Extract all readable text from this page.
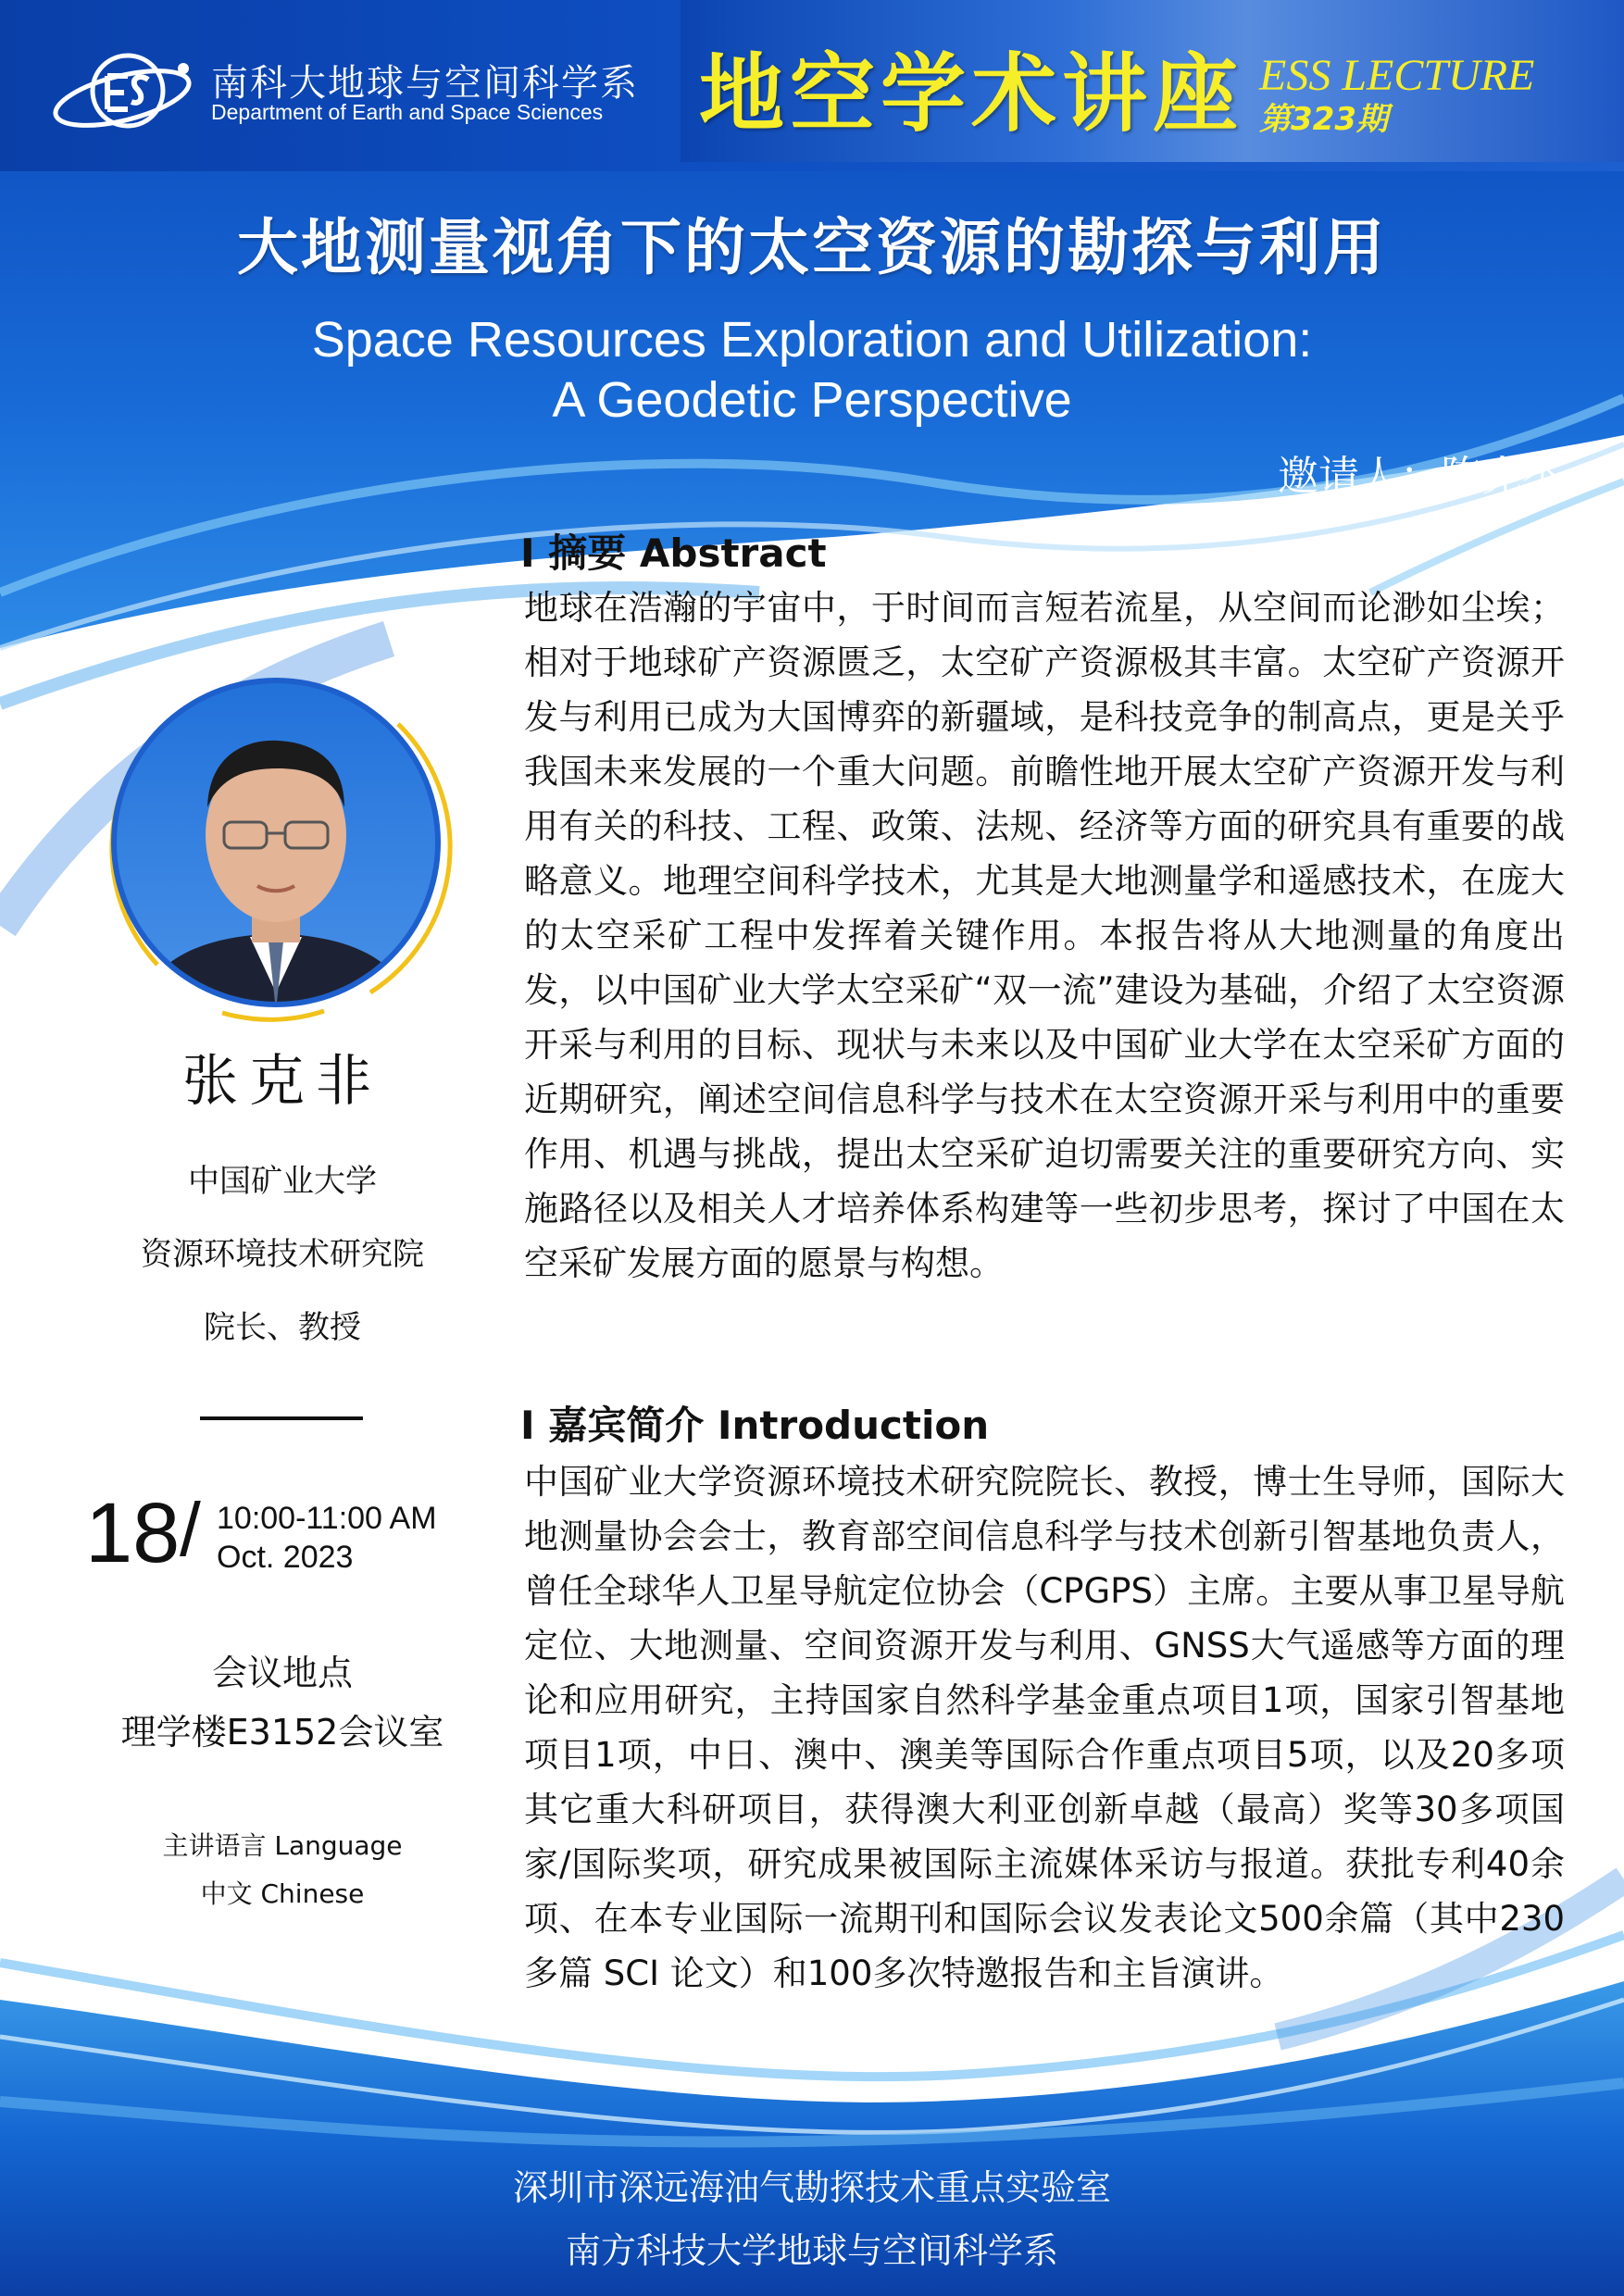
南科大地球与空间科学系
Department of Earth and Space Sciences 地空学术讲座 ESS LECTURE
第323期
大地测量视角下的太空资源的勘探与利用
Space Resources Exploration and Utilization:
A Geodetic Perspective
邀请人：陈克杰
张克非
中国矿业大学
资源环境技术研究院
院长、教授
18 / 10:00-11:00 AM
Oct. 2023
会议地点
理学楼E3152会议室
主讲语言 Language
中文 Chinese
I 摘要 Abstract
地球在浩瀚的宇宙中，于时间而言短若流星，从空间而论渺如尘埃；相对于地球矿产资源匮乏，太空矿产资源极其丰富。太空矿产资源开发与利用已成为大国博弈的新疆域，是科技竞争的制高点，更是关乎我国未来发展的一个重大问题。前瞻性地开展太空矿产资源开发与利用有关的科技、工程、政策、法规、经济等方面的研究具有重要的战略意义。地理空间科学技术，尤其是大地测量学和遥感技术，在庞大的太空采矿工程中发挥着关键作用。本报告将从大地测量的角度出发，以中国矿业大学太空采矿“双一流”建设为基础，介绍了太空资源开采与利用的目标、现状与未来以及中国矿业大学在太空采矿方面的近期研究，阐述空间信息科学与技术在太空资源开采与利用中的重要作用、机遇与挑战，提出太空采矿迫切需要关注的重要研究方向、实施路径以及相关人才培养体系构建等一些初步思考，探讨了中国在太空采矿发展方面的愿景与构想。
I 嘉宾简介 Introduction
中国矿业大学资源环境技术研究院院长、教授，博士生导师，国际大地测量协会会士，教育部空间信息科学与技术创新引智基地负责人，曾任全球华人卫星导航定位协会（CPGPS）主席。主要从事卫星导航定位、大地测量、空间资源开发与利用、GNSS大气遥感等方面的理论和应用研究，主持国家自然科学基金重点项目1项，国家引智基地项目1项，中日、澳中、澳美等国际合作重点项目5项，以及20多项其它重大科研项目，获得澳大利亚创新卓越（最高）奖等30多项国家/国际奖项，研究成果被国际主流媒体采访与报道。获批专利40余项、在本专业国际一流期刊和国际会议发表论文500余篇（其中230多篇 SCI 论文）和100多次特邀报告和主旨演讲。
深圳市深远海油气勘探技术重点实验室
南方科技大学地球与空间科学系
